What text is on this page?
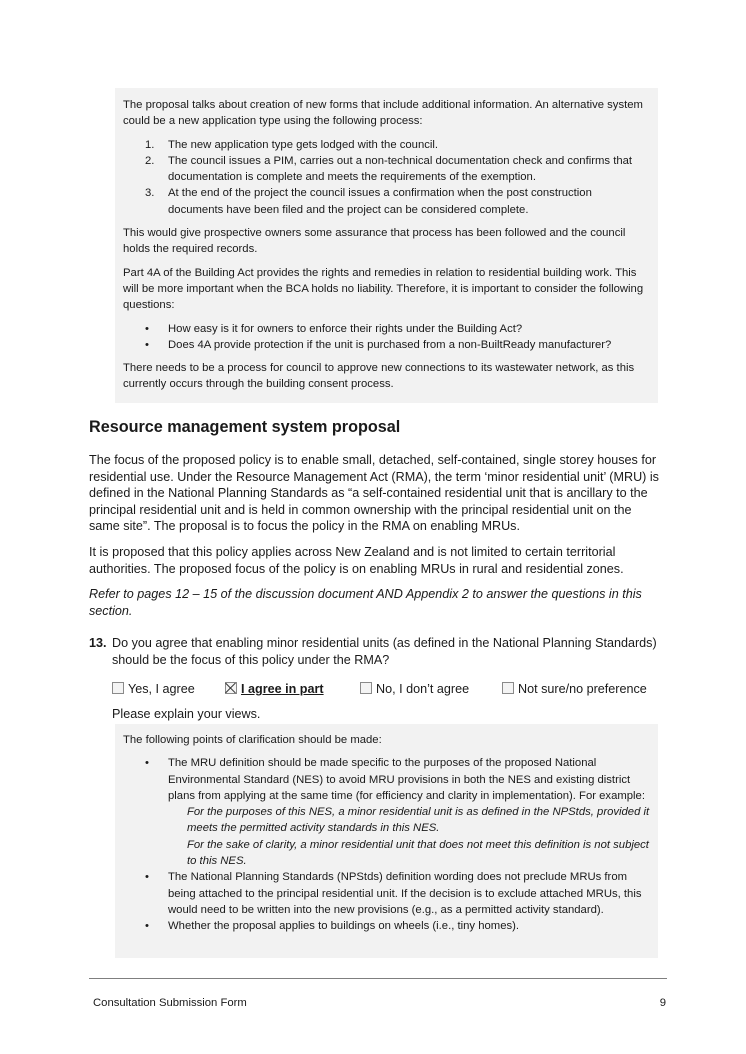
The proposal talks about creation of new forms that include additional information. An alternative system could be a new application type using the following process:

1. The new application type gets lodged with the council.
2. The council issues a PIM, carries out a non-technical documentation check and confirms that documentation is complete and meets the requirements of the exemption.
3. At the end of the project the council issues a confirmation when the post construction documents have been filed and the project can be considered complete.

This would give prospective owners some assurance that process has been followed and the council holds the required records.

Part 4A of the Building Act provides the rights and remedies in relation to residential building work. This will be more important when the BCA holds no liability. Therefore, it is important to consider the following questions:

• How easy is it for owners to enforce their rights under the Building Act?
• Does 4A provide protection if the unit is purchased from a non-BuiltReady manufacturer?

There needs to be a process for council to approve new connections to its wastewater network, as this currently occurs through the building consent process.

Resource management system proposal

The focus of the proposed policy is to enable small, detached, self-contained, single storey houses for residential use. Under the Resource Management Act (RMA), the term ‘minor residential unit’ (MRU) is defined in the National Planning Standards as “a self-contained residential unit that is ancillary to the principal residential unit and is held in common ownership with the principal residential unit on the same site”. The proposal is to focus the policy in the RMA on enabling MRUs.

It is proposed that this policy applies across New Zealand and is not limited to certain territorial authorities. The proposed focus of the policy is on enabling MRUs in rural and residential zones.

Refer to pages 12 – 15 of the discussion document AND Appendix 2 to answer the questions in this section.

13. Do you agree that enabling minor residential units (as defined in the National Planning Standards) should be the focus of this policy under the RMA?
Yes, I agree	I agree in part	No, I don’t agree	Not sure/no preference
Please explain your views.

The following points of clarification should be made:

• The MRU definition should be made specific to the purposes of the proposed National Environmental Standard (NES) to avoid MRU provisions in both the NES and existing district plans from applying at the same time (for efficiency and clarity in implementation). For example:
For the purposes of this NES, a minor residential unit is as defined in the NPStds, provided it meets the permitted activity standards in this NES.
For the sake of clarity, a minor residential unit that does not meet this definition is not subject to this NES.
• The National Planning Standards (NPStds) definition wording does not preclude MRUs from being attached to the principal residential unit. If the decision is to exclude attached MRUs, this would need to be written into the new provisions (e.g., as a permitted activity standard).
• Whether the proposal applies to buildings on wheels (i.e., tiny homes).
Consultation Submission Form	9
